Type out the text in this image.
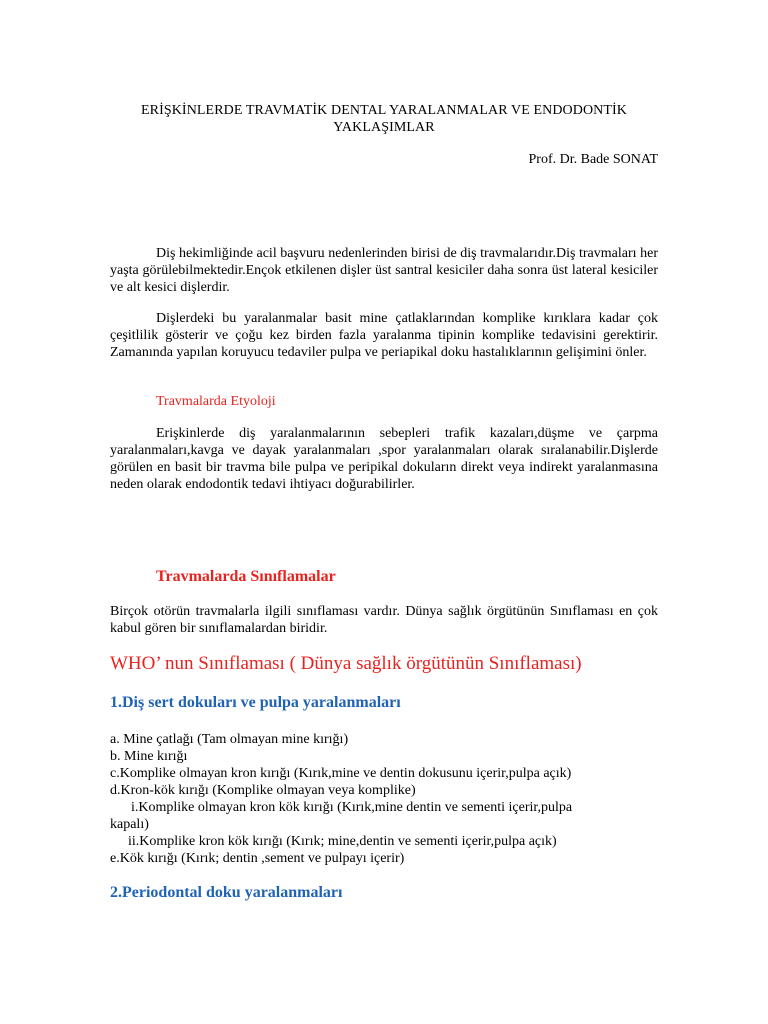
ERİŞKİNLERDE TRAVMATİK DENTAL YARALANMALAR VE ENDODONTİK
YAKLAŞIMLAR
Prof. Dr. Bade SONAT
Diş hekimliğinde acil başvuru nedenlerinden birisi de diş travmalarıdır.Diş travmaları her yaşta görülebilmektedir.Ençok etkilenen dişler üst santral kesiciler daha sonra üst lateral kesiciler ve alt kesici dişlerdir.
Dişlerdeki bu yaralanmalar basit mine çatlaklarından komplike kırıklara kadar çok çeşitlilik gösterir ve çoğu kez birden fazla yaralanma tipinin komplike tedavisini gerektirir. Zamanında yapılan koruyucu tedaviler pulpa ve periapikal doku hastalıklarının gelişimini önler.
Travmalarda Etyoloji
Erişkinlerde diş yaralanmalarının sebepleri trafik kazaları,düşme ve çarpma yaralanmaları,kavga ve dayak yaralanmaları ,spor yaralanmaları olarak sıralanabilir.Dişlerde görülen en basit bir travma bile pulpa ve peripikal dokuların direkt veya indirekt yaralanmasına neden olarak endodontik tedavi ihtiyacı doğurabilirler.
Travmalarda Sınıflamalar
Birçok otörün travmalarla ilgili sınıflaması vardır. Dünya sağlık örgütünün Sınıflaması en çok kabul gören bir sınıflamalardan biridir.
WHO’ nun Sınıflaması ( Dünya sağlık örgütünün Sınıflaması)
1.Diş sert dokuları ve pulpa yaralanmaları
a. Mine çatlağı (Tam olmayan mine kırığı)
b. Mine kırığı
c.Komplike olmayan kron kırığı (Kırık,mine ve dentin dokusunu içerir,pulpa açık)
d.Kron-kök kırığı (Komplike olmayan veya komplike)
i.Komplike olmayan kron kök kırığı (Kırık,mine dentin ve sementi içerir,pulpa
kapalı)
ii.Komplike kron kök kırığı (Kırık; mine,dentin ve sementi içerir,pulpa açık)
e.Kök kırığı (Kırık; dentin ,sement ve pulpayı içerir)
2.Periodontal doku yaralanmaları
